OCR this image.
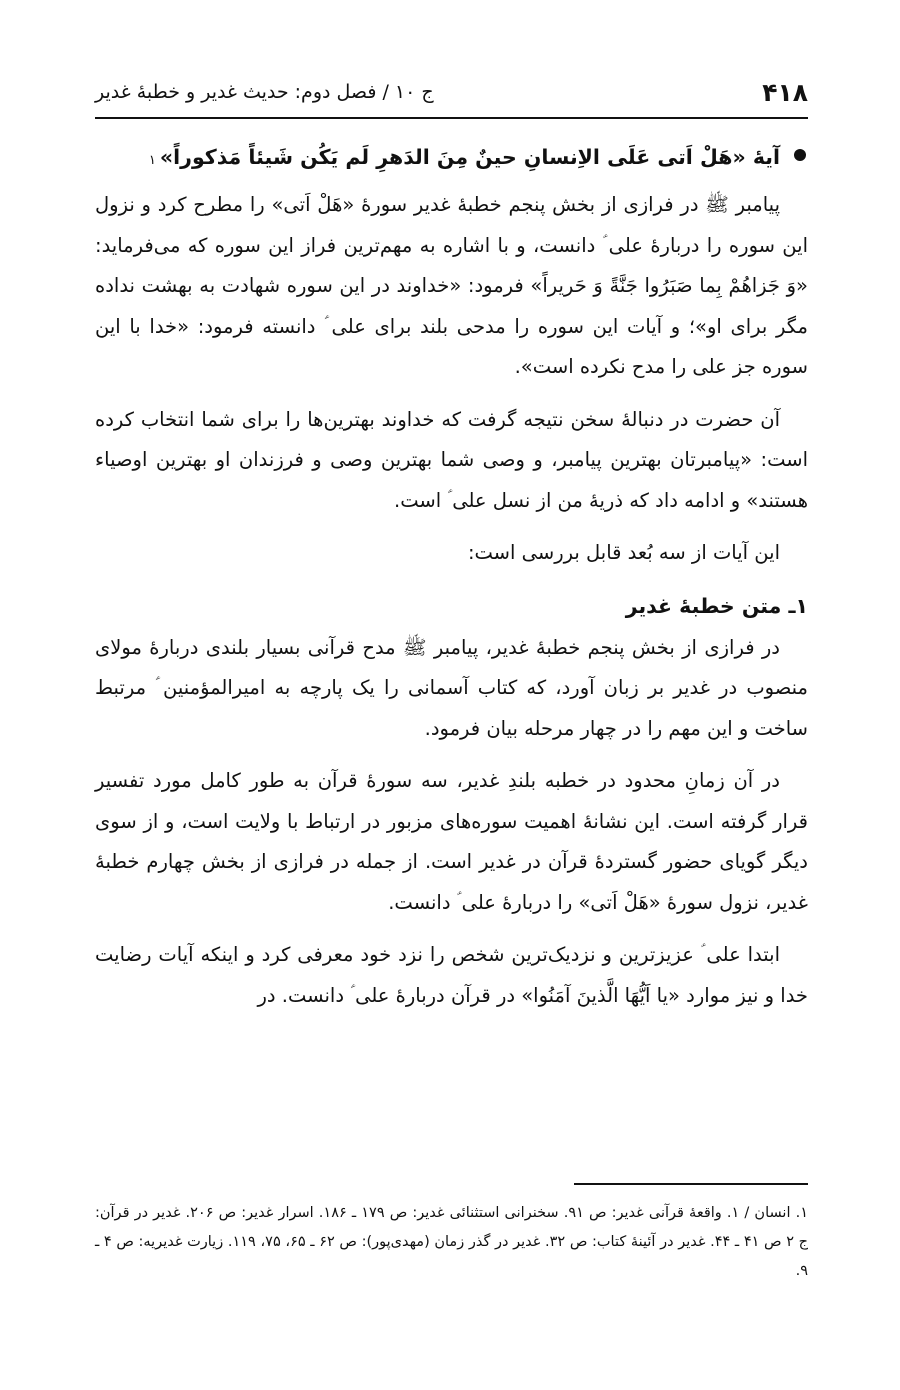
۴۱۸
ج ۱۰ / فصل دوم: حدیث غدیر و خطبهٔ غدیر
آیهٔ «هَلْ اَتی عَلَی الاِنسانِ حینٌ مِنَ الدَهرِ لَم یَکُن شَیئاً مَذکوراً»
۱

پیامبر ﷺ در فرازی از بخش پنجم خطبهٔ غدیر سورهٔ «هَلْ اَتی» را مطرح کرد و نزول این سوره را دربارهٔ علی ؑ دانست، و با اشاره به مهم‌ترین فراز این سوره که می‌فرماید: «وَ جَزاهُمْ بِما صَبَرُوا جَنَّةً وَ حَریراً» فرمود: «خداوند در این سوره شهادت به بهشت نداده مگر برای او»؛ و آیات این سوره را مدحی بلند برای علی ؑ دانسته فرمود: «خدا با این سوره جز علی را مدح نکرده است».

آن حضرت در دنبالهٔ سخن نتیجه گرفت که خداوند بهترین‌ها را برای شما انتخاب کرده است: «پیامبرتان بهترین پیامبر، و وصی شما بهترین وصی و فرزندان او بهترین اوصیاء هستند» و ادامه داد که ذریهٔ من از نسل علی ؑ است.

این آیات از سه بُعد قابل بررسی است:

۱ـ متن خطبهٔ غدیر

در فرازی از بخش پنجم خطبهٔ غدیر، پیامبر ﷺ مدح قرآنی بسیار بلندی دربارهٔ مولای منصوب در غدیر بر زبان آورد، که کتاب آسمانی را یک پارچه به امیرالمؤمنین ؑ مرتبط ساخت و این مهم را در چهار مرحله بیان فرمود.

در آن زمانِ محدود در خطبه بلندِ غدیر، سه سورهٔ قرآن به طور کامل مورد تفسیر قرار گرفته است. این نشانهٔ اهمیت سوره‌های مزبور در ارتباط با ولایت است، و از سوی دیگر گویای حضور گستردهٔ قرآن در غدیر است. از جمله در فرازی از بخش چهارم خطبهٔ غدیر، نزول سورهٔ «هَلْ اَتی» را دربارهٔ علی ؑ دانست.

ابتدا علی ؑ عزیزترین و نزدیک‌ترین شخص را نزد خود معرفی کرد و اینکه آیات رضایت خدا و نیز موارد «یا اَیُّهَا الَّذینَ آمَنُوا» در قرآن دربارهٔ علی ؑ دانست. در

۱. انسان / ۱. واقعهٔ قرآنی غدیر: ص ۹۱. سخنرانی استثنائی غدیر: ص ۱۷۹ ـ ۱۸۶. اسرار غدیر: ص ۲۰۶. غدیر در قرآن: ج ۲ ص ۴۱ ـ ۴۴. غدیر در آئینهٔ کتاب: ص ۳۲. غدیر در گذر زمان (مهدی‌پور): ص ۶۲ ـ ۶۵، ۷۵، ۱۱۹. زیارت غدیریه: ص ۴ ـ ۹.
